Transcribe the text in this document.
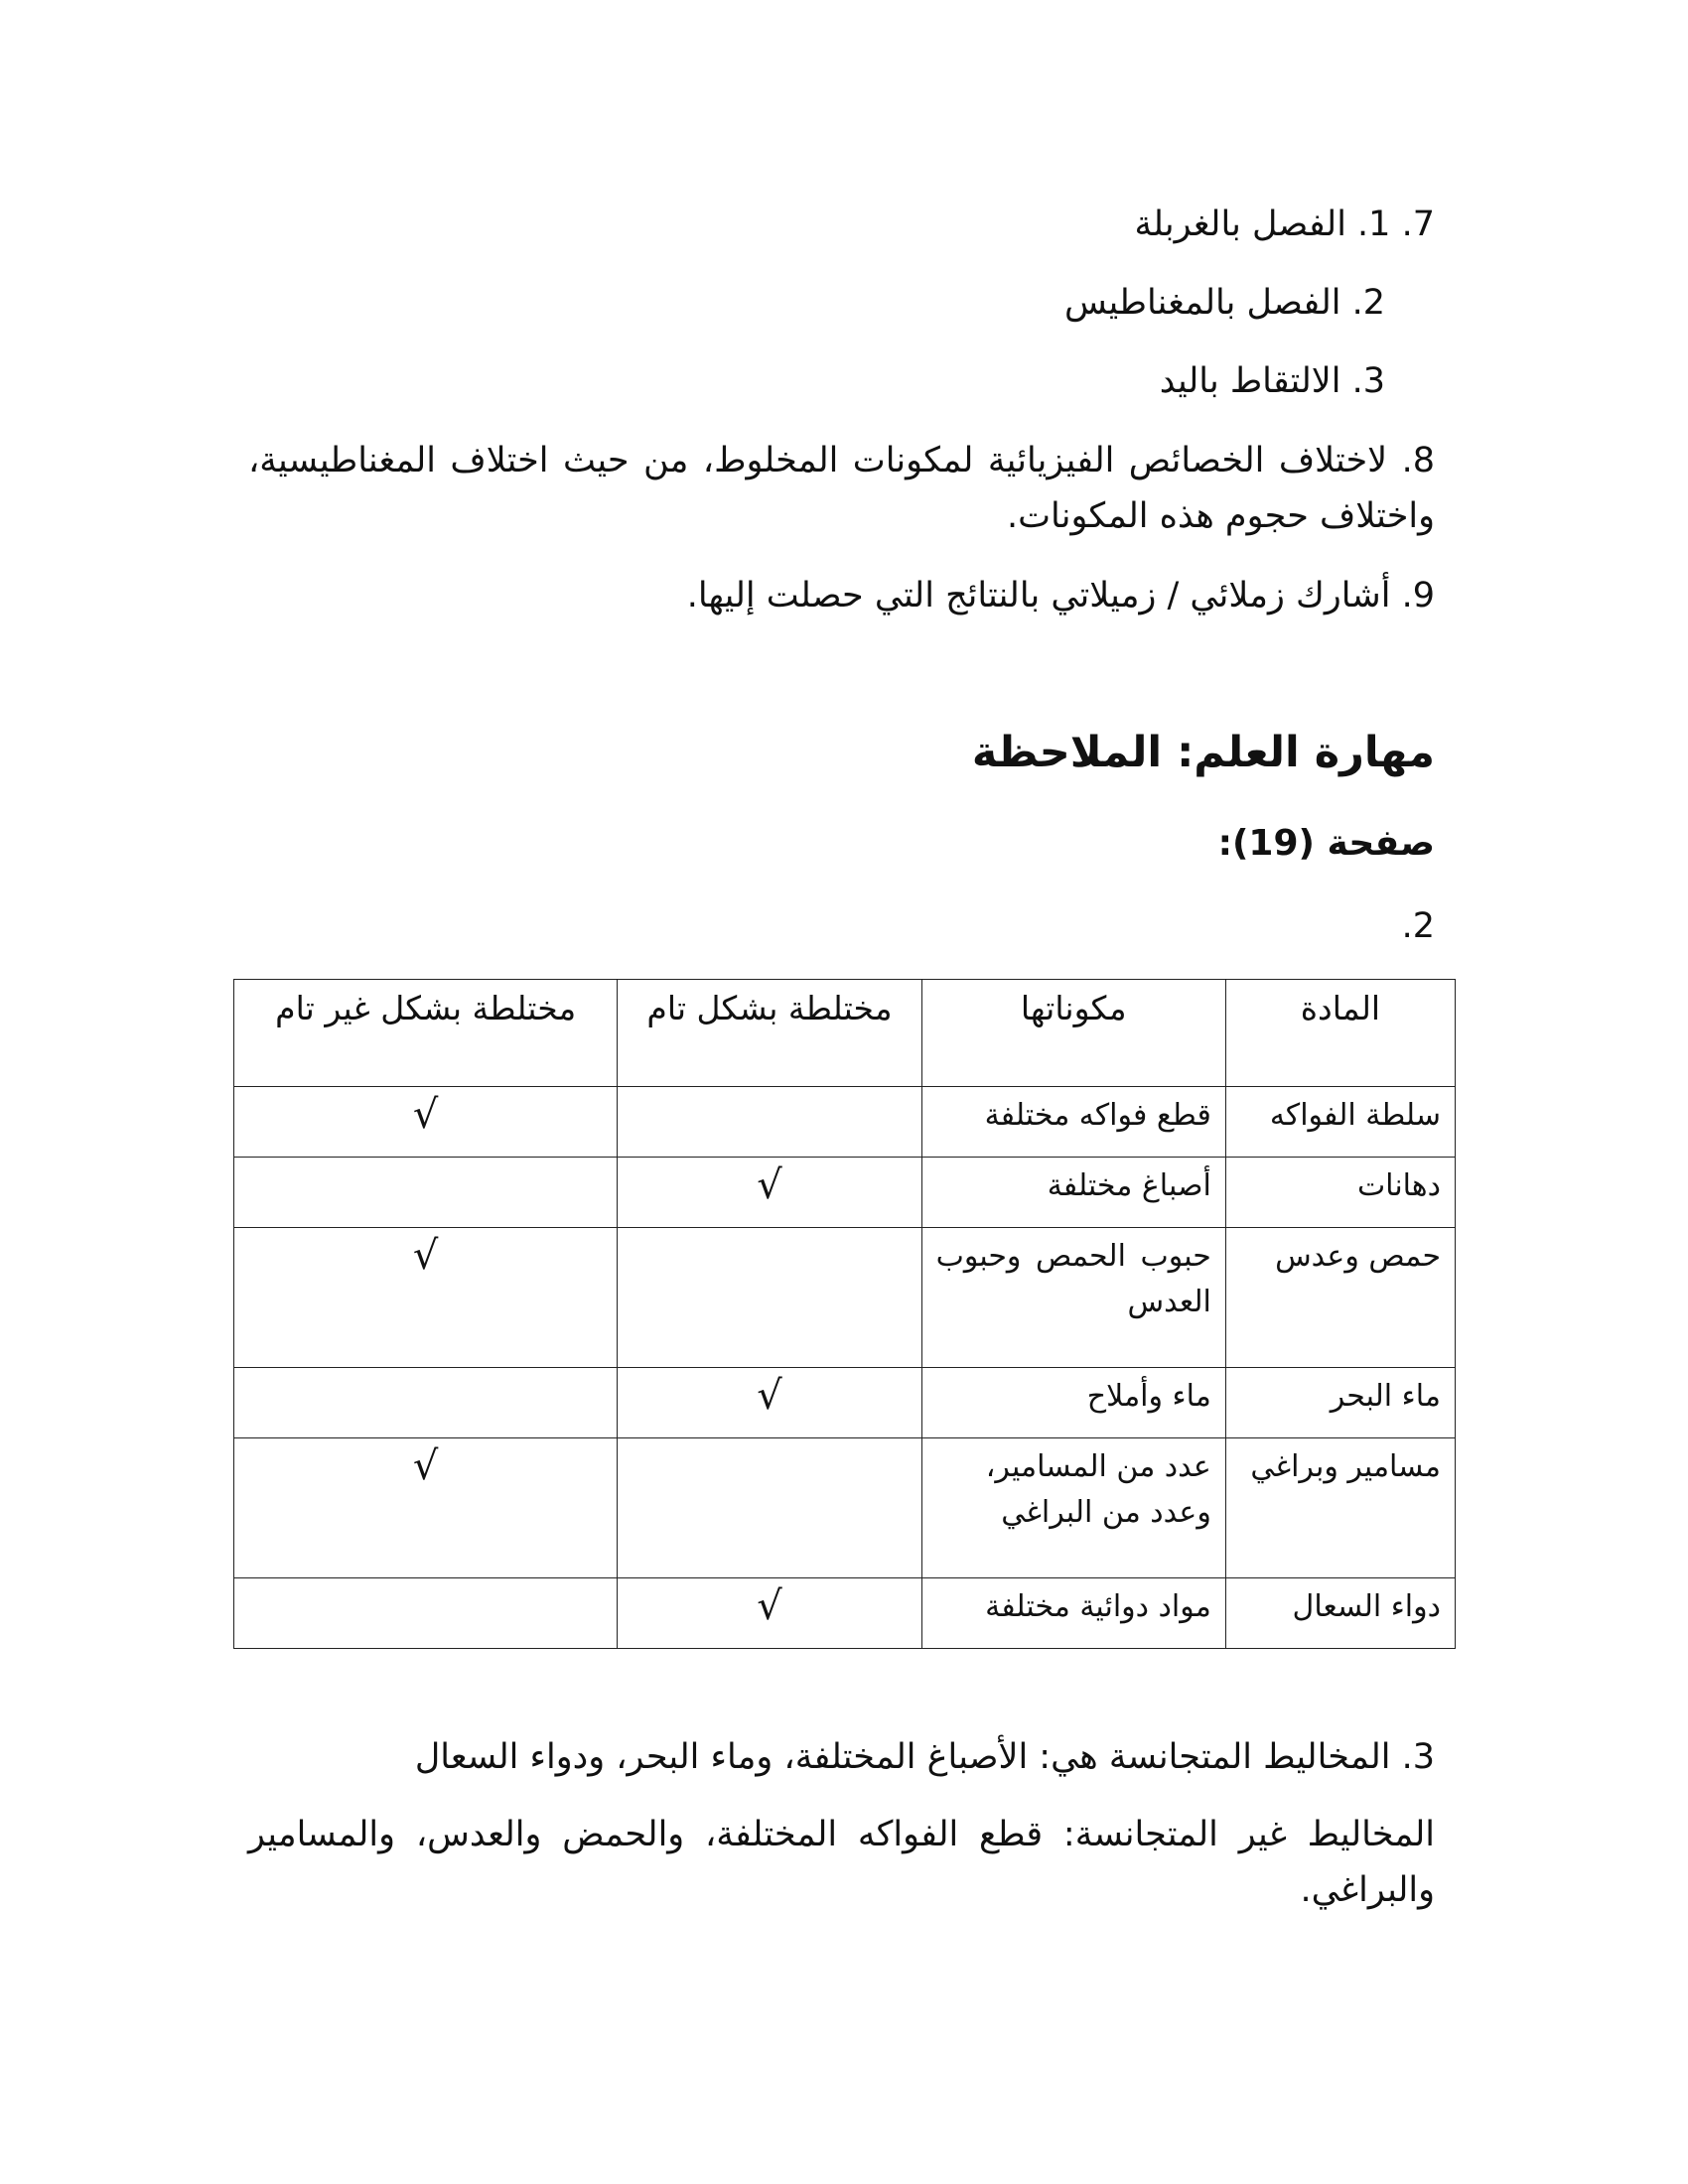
7. 1. الفصل بالغربلة
2. الفصل بالمغناطيس
3. الالتقاط باليد
8. لاختلاف الخصائص الفيزيائية لمكونات المخلوط، من حيث اختلاف المغناطيسية، واختلاف حجوم هذه المكونات.
9. أشارك زملائي / زميلاتي بالنتائج التي حصلت إليها.
مهارة العلم: الملاحظة
صفحة (19):
2.
المادة	مكوناتها	مختلطة بشكل تام	مختلطة بشكل غير تام
سلطة الفواكه	قطع فواكه مختلفة		√
دهانات	أصباغ مختلفة	√	
حمص وعدس	حبوب الحمص وحبوب العدس		√
ماء البحر	ماء وأملاح	√	
مسامير وبراغي	عدد من المسامير، وعدد من البراغي		√
دواء السعال	مواد دوائية مختلفة	√	
3. المخاليط المتجانسة هي: الأصباغ المختلفة، وماء البحر، ودواء السعال
المخاليط غير المتجانسة: قطع الفواكه المختلفة، والحمض والعدس، والمسامير والبراغي.
